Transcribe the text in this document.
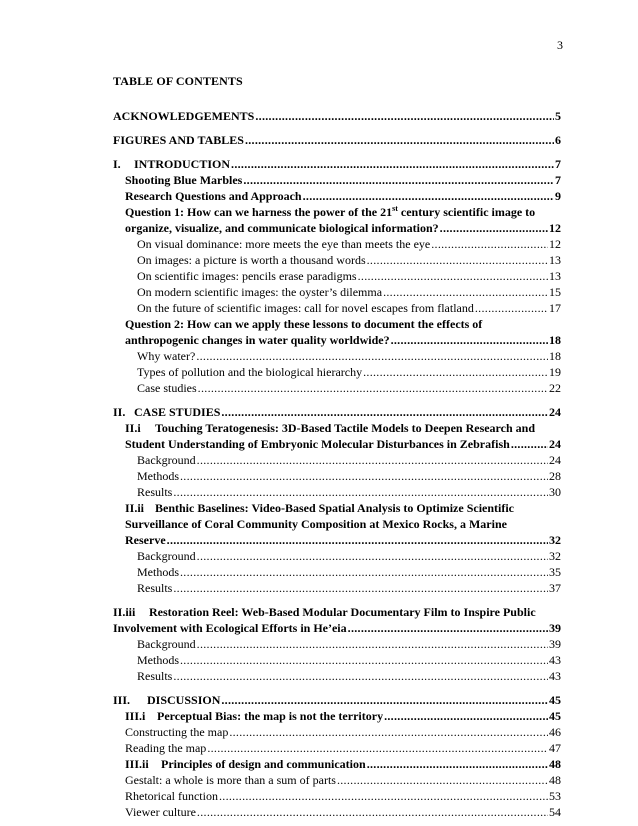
3
TABLE OF CONTENTS
ACKNOWLEDGEMENTS .....	5
FIGURES AND TABLES .....	6
I. INTRODUCTION .....	7
Shooting Blue Marbles .....	7
Research Questions and Approach .....	9
Question 1: How can we harness the power of the 21st century scientific image to
organize, visualize, and communicate biological information? .....	12
On visual dominance: more meets the eye than meets the eye .....	12
On images: a picture is worth a thousand words .....	13
On scientific images: pencils erase paradigms .....	13
On modern scientific images: the oyster’s dilemma .....	15
On the future of scientific images: call for novel escapes from flatland .....	17
Question 2: How can we apply these lessons to document the effects of
anthropogenic changes in water quality worldwide? .....	18
Why water? .....	18
Types of pollution and the biological hierarchy .....	19
Case studies .....	22
II. CASE STUDIES .....	24
II.i Touching Teratogenesis: 3D-Based Tactile Models to Deepen Research and
Student Understanding of Embryonic Molecular Disturbances in Zebrafish .....	24
Background .....	24
Methods .....	28
Results .....	30
II.ii Benthic Baselines: Video-Based Spatial Analysis to Optimize Scientific
Surveillance of Coral Community Composition at Mexico Rocks, a Marine
Reserve .....	32
Background .....	32
Methods .....	35
Results .....	37
II.iii Restoration Reel: Web-Based Modular Documentary Film to Inspire Public
Involvement with Ecological Efforts in He’eia .....	39
Background .....	39
Methods .....	43
Results .....	43
III. DISCUSSION .....	45
III.i Perceptual Bias: the map is not the territory .....	45
Constructing the map .....	46
Reading the map .....	47
III.ii Principles of design and communication .....	48
Gestalt: a whole is more than a sum of parts .....	48
Rhetorical function .....	53
Viewer culture .....	54
